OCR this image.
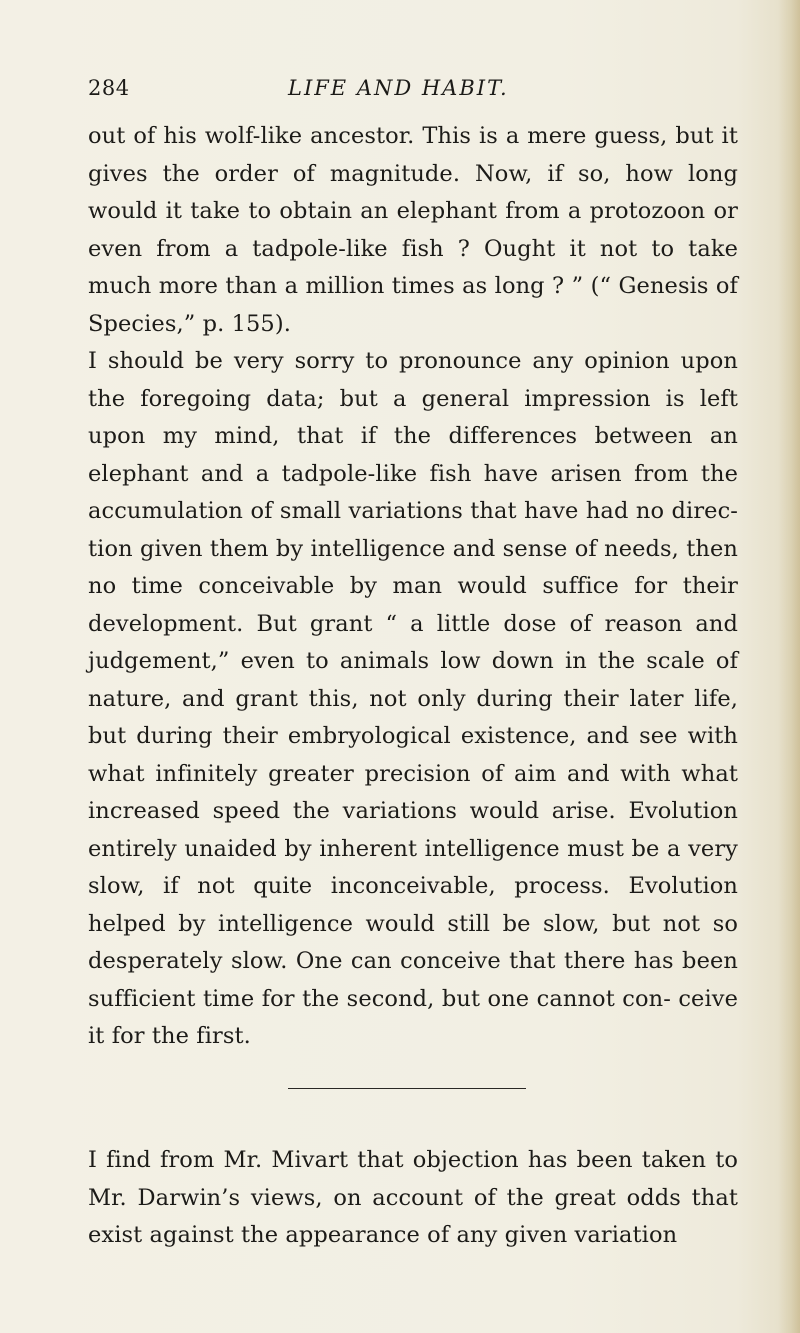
284	LIFE AND HABIT.

out of his wolf-like ancestor. This is a mere guess, but it gives the order of magnitude. Now, if so, how long would it take to obtain an elephant from a protozoon or even from a tadpole-like fish ? Ought it not to take much more than a million times as long ? ” (“ Genesis of Species,” p. 155).

I should be very sorry to pronounce any opinion upon the foregoing data; but a general impression is left upon my mind, that if the differences between an elephant and a tadpole-like fish have arisen from the accumulation of small variations that have had no direc- tion given them by intelligence and sense of needs, then no time conceivable by man would suffice for their development. But grant “ a little dose of reason and judgement,” even to animals low down in the scale of nature, and grant this, not only during their later life, but during their embryological existence, and see with what infinitely greater precision of aim and with what increased speed the variations would arise. Evolution entirely unaided by inherent intelligence must be a very slow, if not quite inconceivable, process. Evolution helped by intelligence would still be slow, but not so desperately slow. One can conceive that there has been sufficient time for the second, but one cannot con- ceive it for the first.

I find from Mr. Mivart that objection has been taken to Mr. Darwin’s views, on account of the great odds that exist against the appearance of any given variation
